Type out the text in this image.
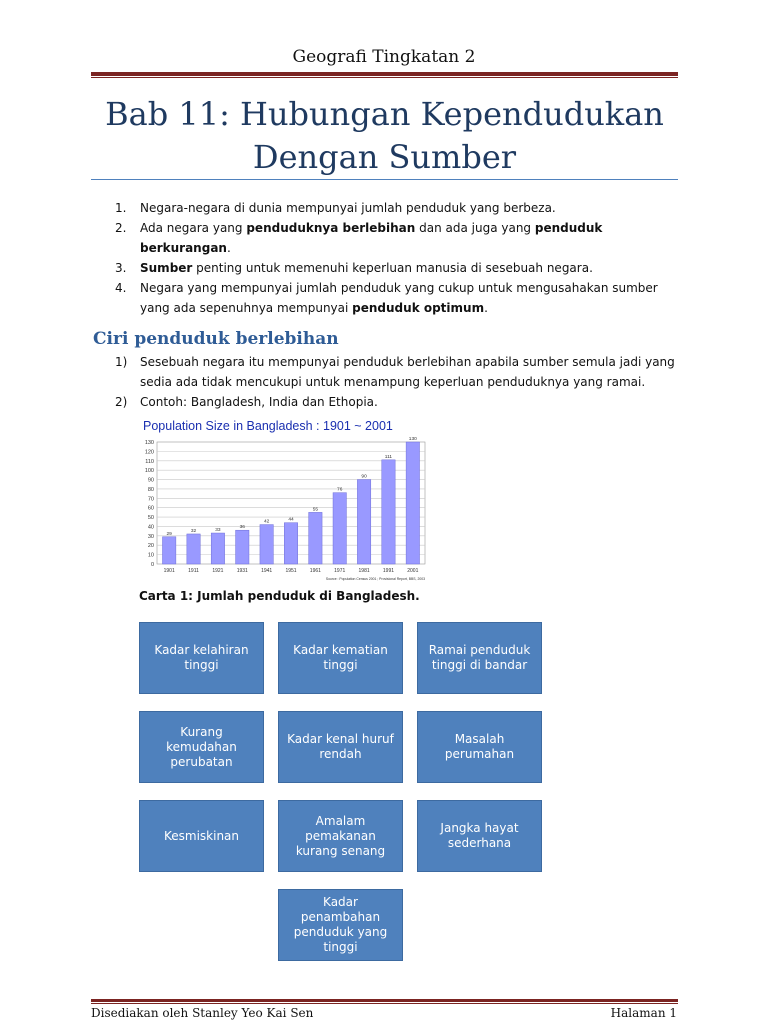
Geografi Tingkatan 2
Bab 11: Hubungan Kependudukan
Dengan Sumber
1. Negara-negara di dunia mempunyai jumlah penduduk yang berbeza.
2. Ada negara yang penduduknya berlebihan dan ada juga yang penduduk berkurangan.
3. Sumber penting untuk memenuhi keperluan manusia di sesebuah negara.
4. Negara yang mempunyai jumlah penduduk yang cukup untuk mengusahakan sumber yang ada sepenuhnya mempunyai penduduk optimum.
Ciri penduduk berlebihan
1) Sesebuah negara itu mempunyai penduduk berlebihan apabila sumber semula jadi yang sedia ada tidak mencukupi untuk menampung keperluan penduduknya yang ramai.
2) Contoh: Bangladesh, India dan Ethopia.
Population Size in Bangladesh : 1901 ~ 2001
0
10
20
30
40
50
60
70
80
90
100
110
120
130
29
1901
32
1911
33
1921
36
1931
42
1941
44
1951
55
1961
76
1971
90
1981
111
1991
130
2001
Source : Population Census 2001 ; Provisional Report, BBS, 2003
Carta 1: Jumlah penduduk di Bangladesh.
Kadar kelahiran tinggi
Kadar kematian tinggi
Ramai penduduk tinggi di bandar
Kurang kemudahan perubatan
Kadar kenal huruf rendah
Masalah perumahan
Kesmiskinan
Amalam pemakanan kurang senang
Jangka hayat sederhana
Kadar penambahan penduduk yang tinggi
Disediakan oleh Stanley Yeo Kai Sen	Halaman 1
